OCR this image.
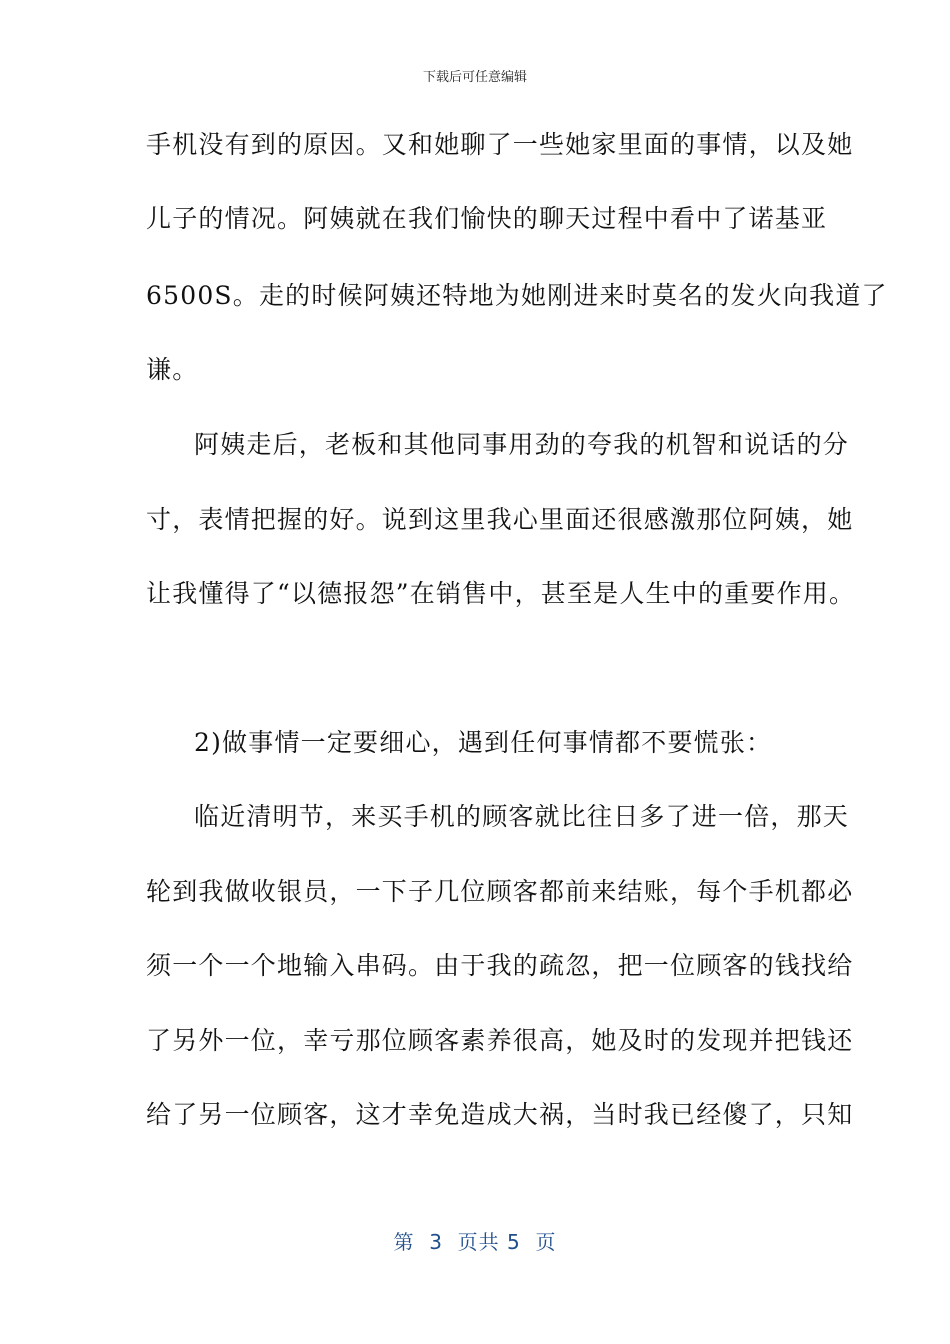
下载后可任意编辑
手机没有到的原因。又和她聊了一些她家里面的事情，以及她
儿子的情况。阿姨就在我们愉快的聊天过程中看中了诺基亚
6500S。走的时候阿姨还特地为她刚进来时莫名的发火向我道了
谦。
阿姨走后，老板和其他同事用劲的夸我的机智和说话的分
寸，表情把握的好。说到这里我心里面还很感激那位阿姨，她
让我懂得了“以德报怨”在销售中，甚至是人生中的重要作用。
2)做事情一定要细心，遇到任何事情都不要慌张：
临近清明节，来买手机的顾客就比往日多了进一倍，那天
轮到我做收银员，一下子几位顾客都前来结账，每个手机都必
须一个一个地输入串码。由于我的疏忽，把一位顾客的钱找给
了另外一位，幸亏那位顾客素养很高，她及时的发现并把钱还
给了另一位顾客，这才幸免造成大祸，当时我已经傻了，只知
第  3  页共 5  页
